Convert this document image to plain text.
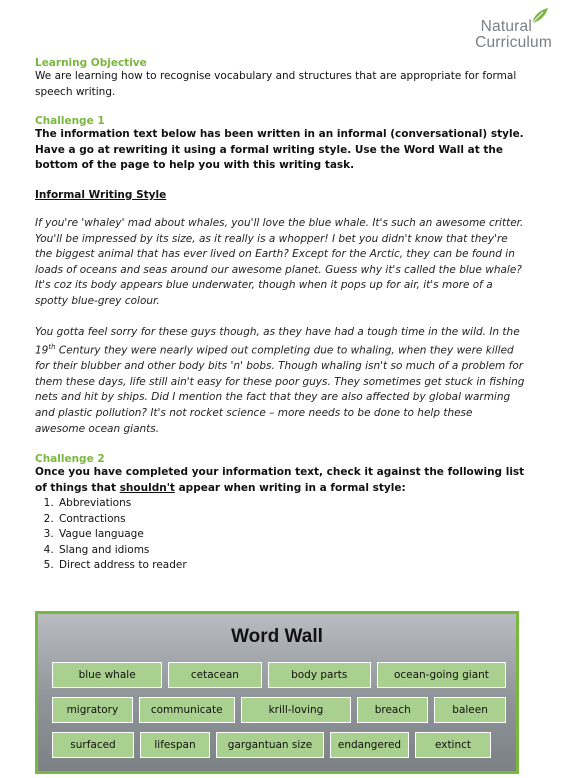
Natural
Curriculum

Learning Objective

We are learning how to recognise vocabulary and structures that are appropriate for formal speech writing.

Challenge 1

The information text below has been written in an informal (conversational) style. Have a go at rewriting it using a formal writing style. Use the Word Wall at the bottom of the page to help you with this writing task.

Informal Writing Style

If you're 'whaley' mad about whales, you'll love the blue whale. It's such an awesome critter. You'll be impressed by its size, as it really is a whopper! I bet you didn't know that they're the biggest animal that has ever lived on Earth? Except for the Arctic, they can be found in loads of oceans and seas around our awesome planet. Guess why it's called the blue whale? It's coz its body appears blue underwater, though when it pops up for air, it's more of a spotty blue-grey colour.

You gotta feel sorry for these guys though, as they have had a tough time in the wild. In the 19th Century they were nearly wiped out completing due to whaling, when they were killed for their blubber and other body bits 'n' bobs. Though whaling isn't so much of a problem for them these days, life still ain't easy for these poor guys. They sometimes get stuck in fishing nets and hit by ships. Did I mention the fact that they are also affected by global warming and plastic pollution? It's not rocket science – more needs to be done to help these awesome ocean giants.

Challenge 2

Once you have completed your information text, check it against the following list of things that shouldn't appear when writing in a formal style:

1. Abbreviations
2. Contractions
3. Vague language
4. Slang and idioms
5. Direct address to reader
Word Wall
blue whale	cetacean	body parts	ocean-going giant
migratory	communicate	krill-loving	breach	baleen
surfaced	lifespan	gargantuan size	endangered	extinct
